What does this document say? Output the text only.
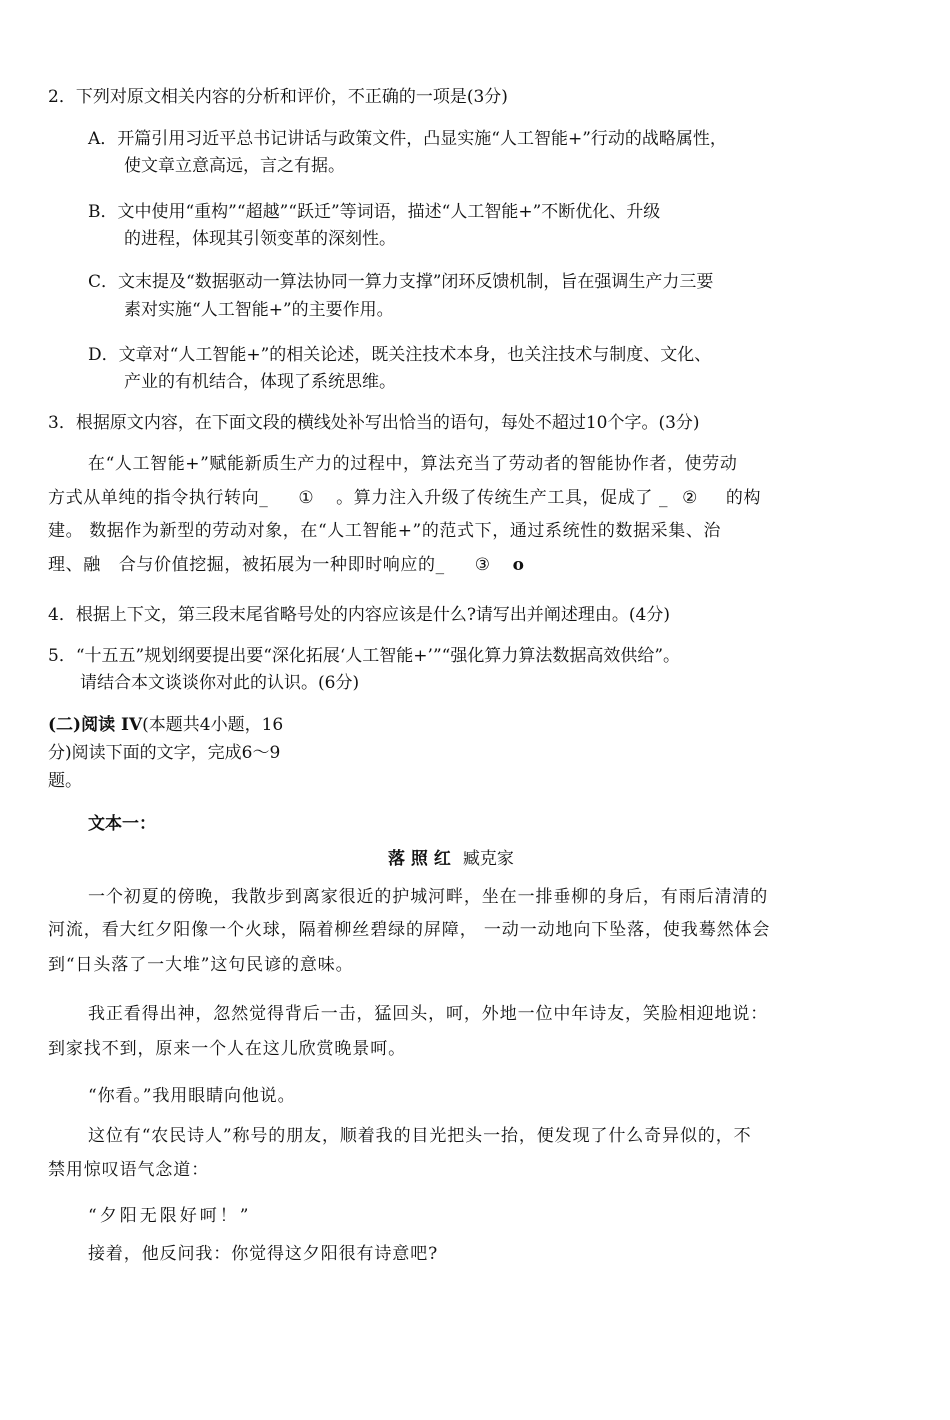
2．下列对原文相关内容的分析和评价，不正确的一项是(3分)
A．开篇引用习近平总书记讲话与政策文件，凸显实施“人工智能+”行动的战略属性，
使文章立意高远，言之有据。
B．文中使用“重构”“超越”“跃迁”等词语，描述“人工智能+”不断优化、升级
的进程，体现其引领变革的深刻性。
C．文末提及“数据驱动一算法协同一算力支撑”闭环反馈机制，旨在强调生产力三要
素对实施“人工智能+”的主要作用。
D．文章对“人工智能+”的相关论述，既关注技术本身，也关注技术与制度、文化、
产业的有机结合，体现了系统思维。
3．根据原文内容，在下面文段的横线处补写出恰当的语句，每处不超过10个字。(3分)
在“人工智能+”赋能新质生产力的过程中，算法充当了劳动者的智能协作者，使劳动
方式从单纯的指令执行转向_ ① 。算力注入升级了传统生产工具，促成了 _ ② 的构
建。 数据作为新型的劳动对象，在“人工智能+”的范式下，通过系统性的数据采集、治
理、融 合与价值挖掘，被拓展为一种即时响应的_ ③ o
4．根据上下文，第三段末尾省略号处的内容应该是什么?请写出并阐述理由。(4分)
5．“十五五”规划纲要提出要“深化拓展‘人工智能+’”“强化算力算法数据高效供给”。
请结合本文谈谈你对此的认识。(6分)
(二)阅读 IV(本题共4小题，16
分)阅读下面的文字，完成6～9
题。
文本一：
落 照 红 臧克家
一个初夏的傍晚，我散步到离家很近的护城河畔，坐在一排垂柳的身后，有雨后清清的
河流，看大红夕阳像一个火球，隔着柳丝碧绿的屏障， 一动一动地向下坠落，使我蓦然体会
到“日头落了一大堆”这句民谚的意味。
我正看得出神，忽然觉得背后一击，猛回头，呵，外地一位中年诗友，笑脸相迎地说：
到家找不到，原来一个人在这儿欣赏晚景呵。
“你看。”我用眼睛向他说。
这位有“农民诗人”称号的朋友，顺着我的目光把头一抬，便发现了什么奇异似的，不
禁用惊叹语气念道：
“夕阳无限好呵！”
接着，他反问我：你觉得这夕阳很有诗意吧?
